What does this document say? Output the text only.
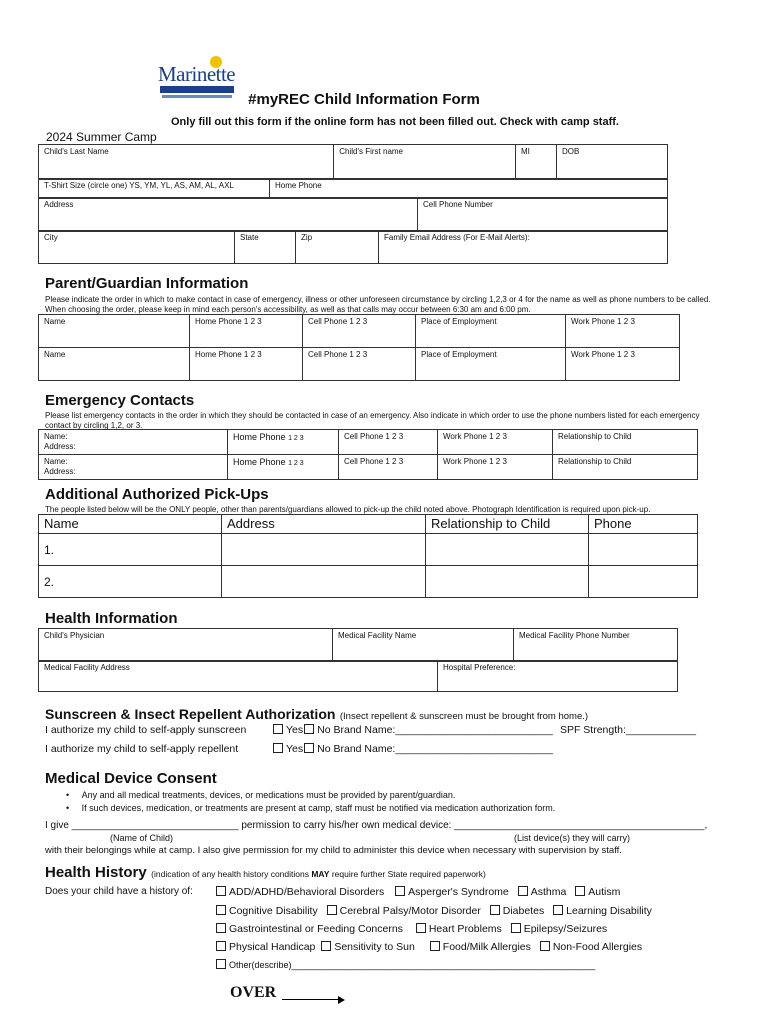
Marinette
#myREC Child Information Form
Only fill out this form if the online form has not been filled out. Check with camp staff.
2024 Summer Camp
Child's Last Name	Child's First name	MI	DOB
T-Shirt Size (circle one) YS, YM, YL, AS, AM, AL, AXL	Home Phone
Address	Cell Phone Number
City	State	Zip	Family Email Address (For E-Mail Alerts):
Parent/Guardian Information
Please indicate the order in which to make contact in case of emergency, illness or other unforeseen circumstance by circling 1,2,3 or 4 for the name as well as phone numbers to be called. When choosing the order, please keep in mind each person's accessibility, as well as that calls may occur between 6:30 am and 6:00 pm.
Name	Home Phone 1 2 3	Cell Phone 1 2 3	Place of Employment	Work Phone 1 2 3
Name	Home Phone 1 2 3	Cell Phone 1 2 3	Place of Employment	Work Phone 1 2 3
Emergency Contacts
Please list emergency contacts in the order in which they should be contacted in case of an emergency. Also indicate in which order to use the phone numbers listed for each emergency contact by circling 1,2, or 3.
Name:
Address:	Home Phone 1 2 3	Cell Phone 1 2 3	Work Phone 1 2 3	Relationship to Child
Name:
Address:	Home Phone 1 2 3	Cell Phone 1 2 3	Work Phone 1 2 3	Relationship to Child
Additional Authorized Pick-Ups
The people listed below will be the ONLY people, other than parents/guardians allowed to pick-up the child noted above. Photograph Identification is required upon pick-up.
Name	Address	Relationship to Child	Phone
1.			
2.			
Health Information
Child's Physician	Medical Facility Name	Medical Facility Phone Number
Medical Facility Address	Hospital Preference:
Sunscreen & Insect Repellent Authorization (Insect repellent & sunscreen must be brought from home.)
I authorize my child to self-apply sunscreen	Yes No Brand Name:___________________________ SPF Strength:____________
I authorize my child to self-apply repellent	Yes No Brand Name:___________________________
Medical Device Consent
•     Any and all medical treatments, devices, or medications must be provided by parent/guardian.
•     If such devices, medication, or treatments are present at camp, staff must be notified via medication authorization form.
I give ______________________________ permission to carry his/her own medical device: _____________________________________________,
(Name of Child)	(List device(s) they will carry)
with their belongings while at camp. I also give permission for my child to administer this device when necessary with supervision by staff.
Health History (indication of any health history conditions MAY require further State required paperwork)
Does your child have a history of:	ADD/ADHD/Behavioral Disorders Asperger's Syndrome Asthma Autism
Cognitive Disability Cerebral Palsy/Motor Disorder Diabetes Learning Disability
Gastrointestinal or Feeding Concerns Heart Problems Epilepsy/Seizures
Physical Handicap Sensitivity to Sun	Food/Milk Allergies Non-Food Allergies
Other(describe)____________________________________________________
OVER
